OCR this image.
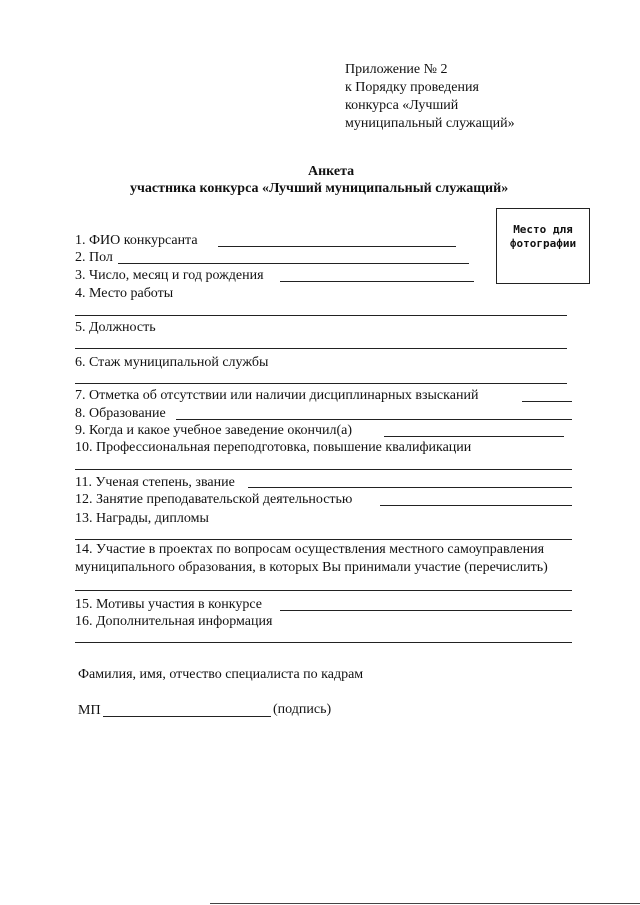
Приложение № 2
к Порядку проведения
конкурса «Лучший
муниципальный служащий»
Анкета
участника конкурса «Лучший муниципальный служащий»
Место для
фотографии
1. ФИО конкурсанта
2. Пол
3. Число, месяц и год рождения
4. Место работы
5. Должность
6. Стаж муниципальной службы
7. Отметка об отсутствии или наличии дисциплинарных взысканий
8. Образование
9. Когда и какое учебное заведение окончил(а)
10. Профессиональная переподготовка, повышение квалификации
11. Ученая степень, звание
12. Занятие преподавательской деятельностью
13. Награды, дипломы
14. Участие в проектах по вопросам осуществления местного самоуправления
муниципального образования, в которых Вы принимали участие (перечислить)
15. Мотивы участия в конкурсе
16. Дополнительная информация
Фамилия, имя, отчество специалиста по кадрам
МП	(подпись)
